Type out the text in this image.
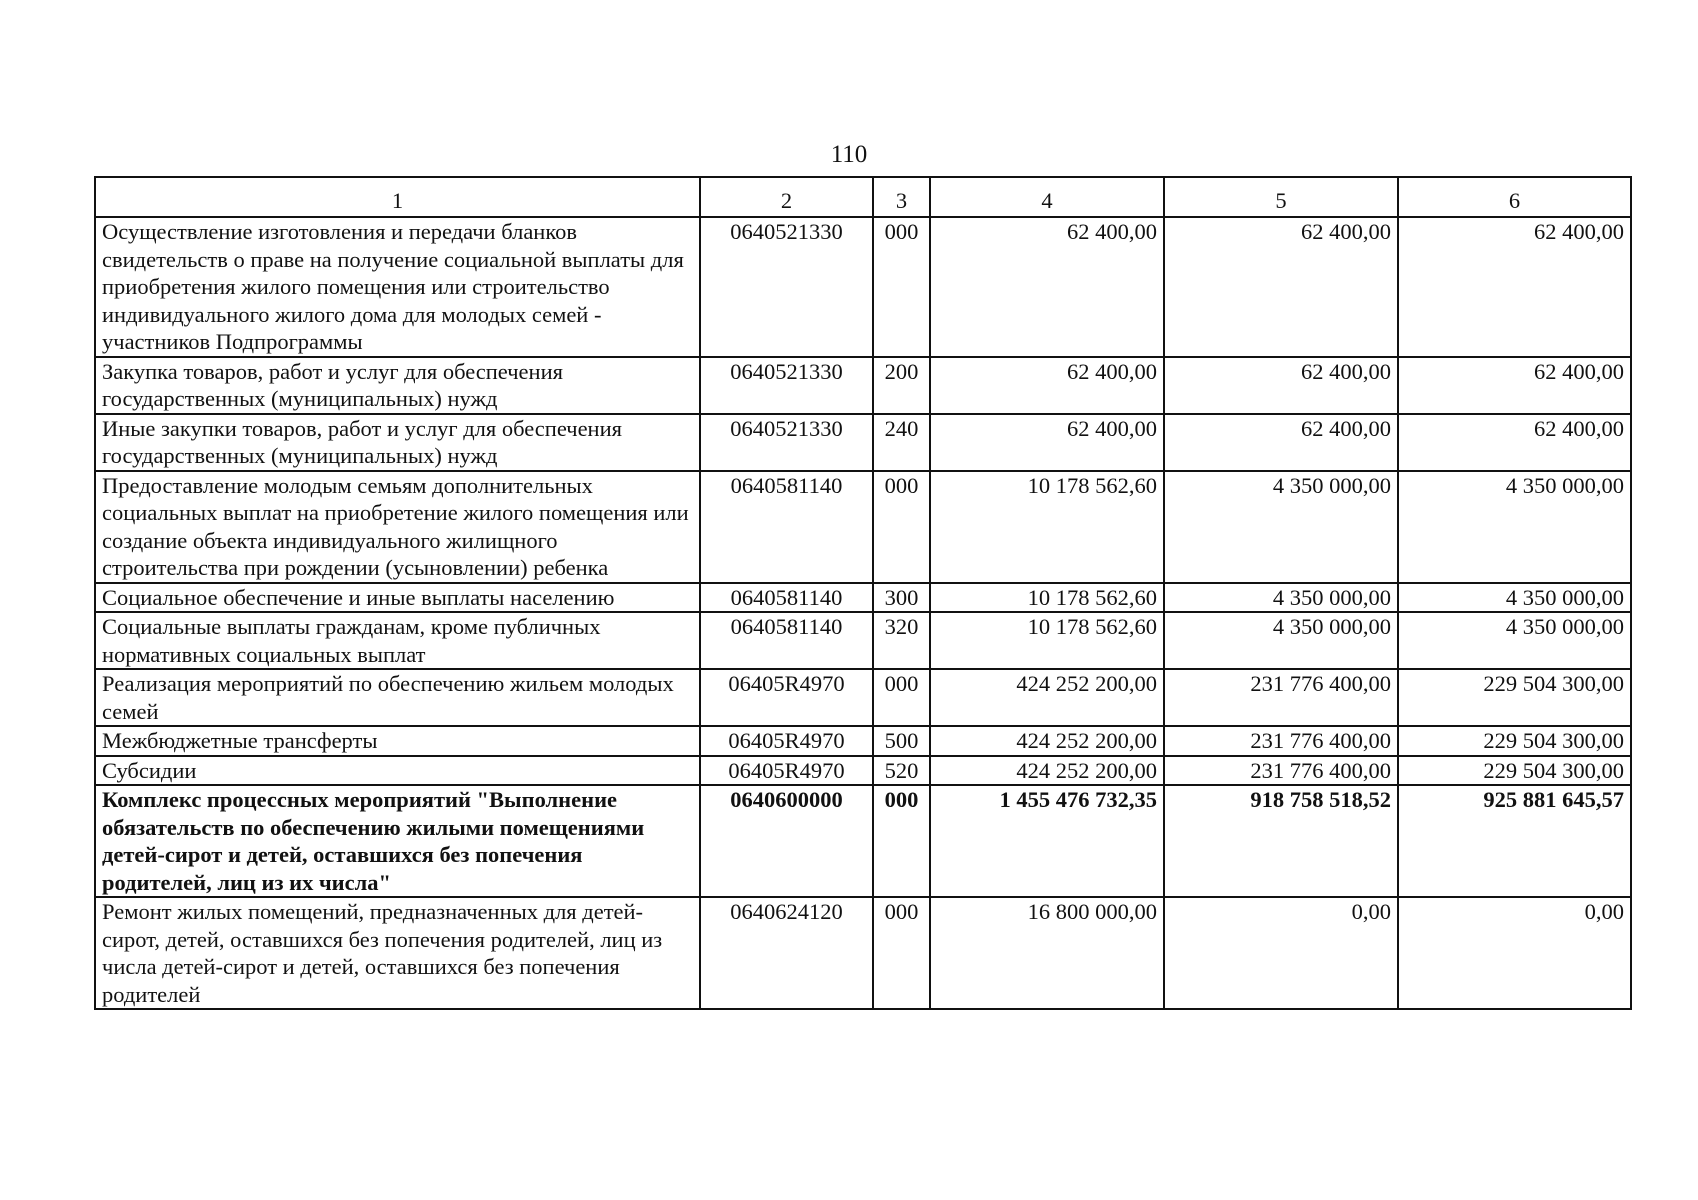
110
1	2	3	4	5	6
Осуществление изготовления и передачи бланков свидетельств о праве на получение социальной выплаты для приобретения жилого помещения или строительство индивидуального жилого дома для молодых семей - участников Подпрограммы	0640521330	000	62 400,00	62 400,00	62 400,00
Закупка товаров, работ и услуг для обеспечения государственных (муниципальных) нужд	0640521330	200	62 400,00	62 400,00	62 400,00
Иные закупки товаров, работ и услуг для обеспечения государственных (муниципальных) нужд	0640521330	240	62 400,00	62 400,00	62 400,00
Предоставление молодым семьям дополнительных социальных выплат на приобретение жилого помещения или создание объекта индивидуального жилищного строительства при рождении (усыновлении) ребенка	0640581140	000	10 178 562,60	4 350 000,00	4 350 000,00
Социальное обеспечение и иные выплаты населению	0640581140	300	10 178 562,60	4 350 000,00	4 350 000,00
Социальные выплаты гражданам, кроме публичных нормативных социальных выплат	0640581140	320	10 178 562,60	4 350 000,00	4 350 000,00
Реализация мероприятий по обеспечению жильем молодых семей	06405R4970	000	424 252 200,00	231 776 400,00	229 504 300,00
Межбюджетные трансферты	06405R4970	500	424 252 200,00	231 776 400,00	229 504 300,00
Субсидии	06405R4970	520	424 252 200,00	231 776 400,00	229 504 300,00
Комплекс процессных мероприятий "Выполнение обязательств по обеспечению жилыми помещениями детей-сирот и детей, оставшихся без попечения родителей, лиц из их числа"	0640600000	000	1 455 476 732,35	918 758 518,52	925 881 645,57
Ремонт жилых помещений, предназначенных для детей-сирот, детей, оставшихся без попечения родителей, лиц из числа детей-сирот и детей, оставшихся без попечения родителей	0640624120	000	16 800 000,00	0,00	0,00
